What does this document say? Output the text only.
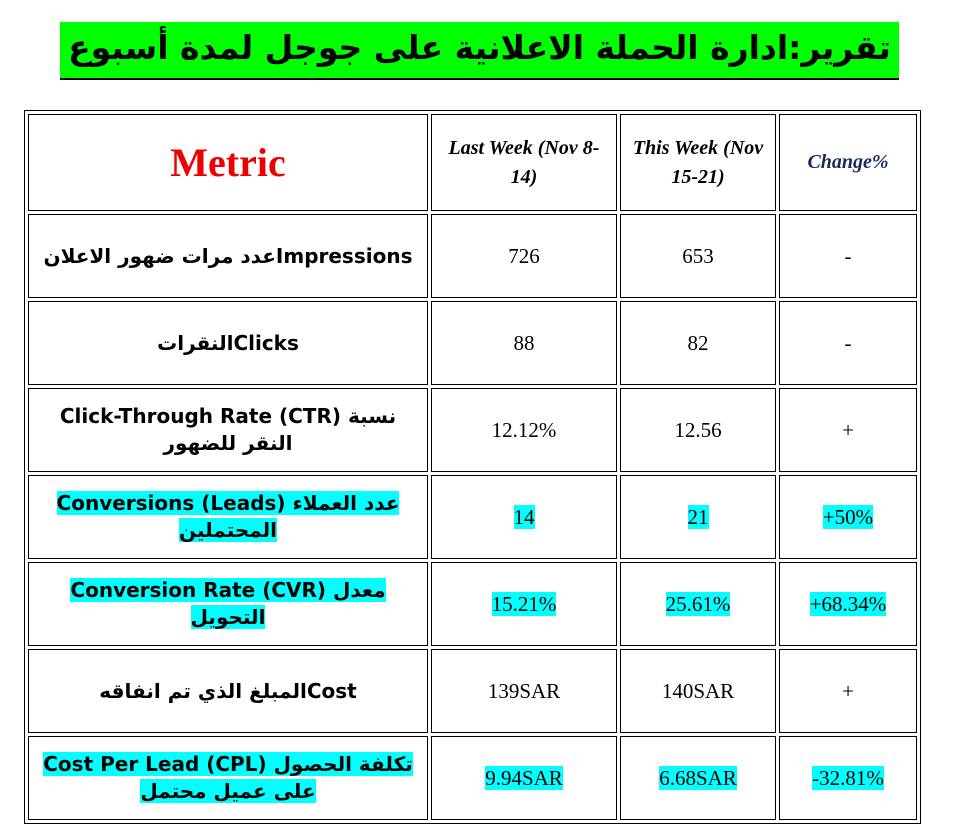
تقرير:ادارة الحملة الاعلانية على جوجل لمدة أسبوع
Metric	Last Week (Nov 8-14)	This Week (Nov 15-21)	Change%
عدد مرات ضهور الاعلانImpressions	726	653	-
النقراتClicks	88	82	-
Click-Through Rate (CTR) نسبة النقر للضهور	12.12%	12.56	+
Conversions (Leads) عدد العملاء المحتملين	14	21	+50%
Conversion Rate (CVR) معدل التحويل	15.21%	25.61%	+68.34%
المبلغ الذي تم انفاقهCost	139SAR	140SAR	+
Cost Per Lead (CPL) تكلفة الحصول على عميل محتمل	9.94SAR	6.68SAR	-32.81%
